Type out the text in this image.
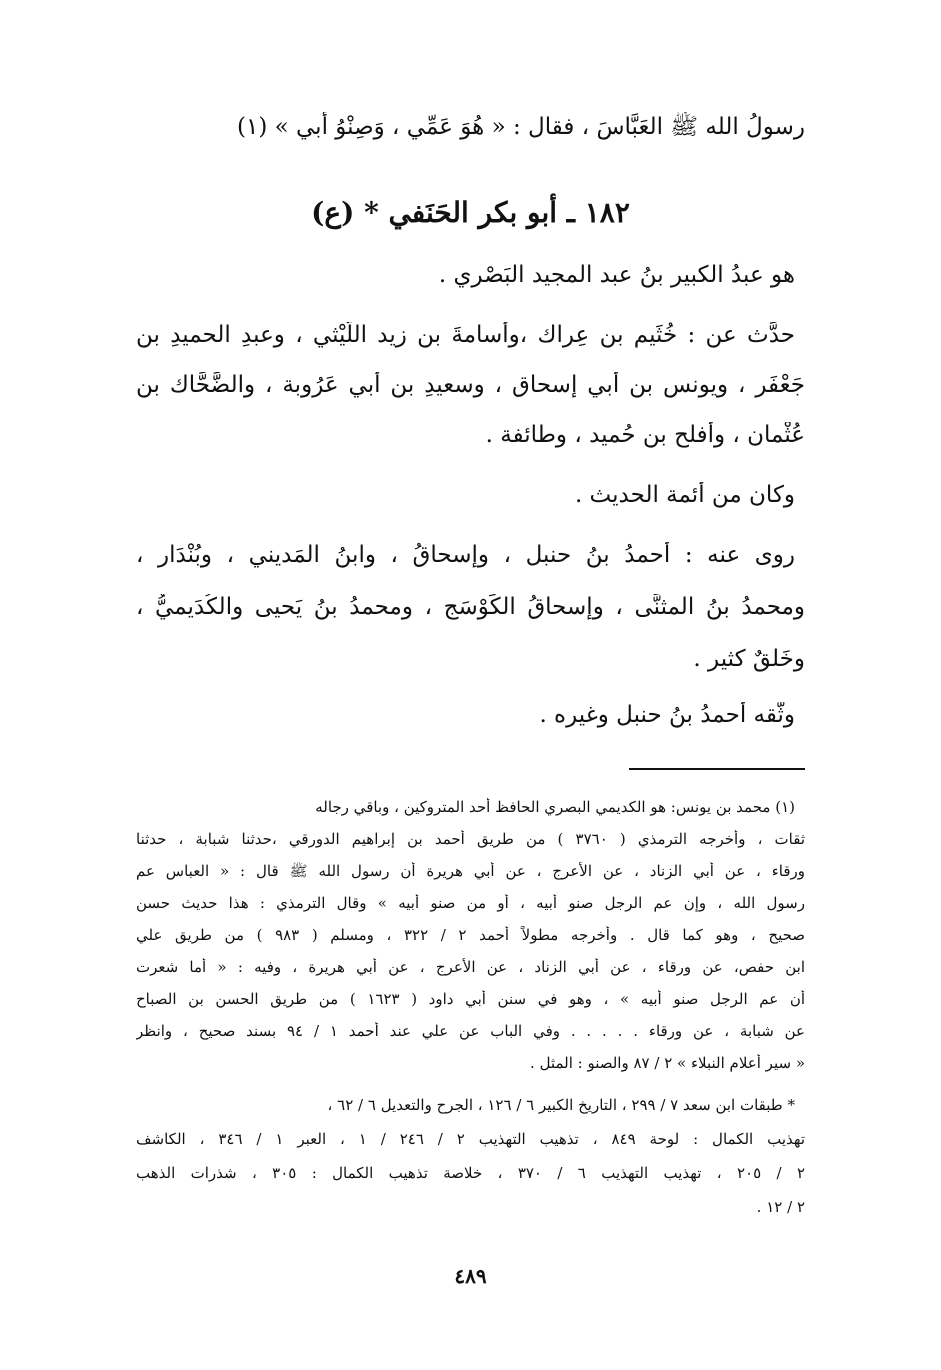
رسولُ الله ﷺ العَبَّاسَ ، فقال : « هُوَ عَمِّي ، وَصِنْوُ أبي » (١)
١٨٢ ـ أبو بكر الحَنَفي * (ع)
هو عبدُ الكبير بنُ عبد المجيد البَصْري .
حدَّث عن : خُثَيم بن عِراك ،وأُسامةَ بن زيد اللَّيْثي ، وعبدِ الحميدِ بنِ
جَعْفَر ، ويونس بنِ أبي إسحاق ، وسعيدِ بنِ أبي عَرُوبة ، والضَّحَّاك بنِ
عُثْمان ، وأفلح بنِ حُميد ، وطائفة .
وكان من أئمة الحديث .
روى عنه : أحمدُ بنُ حنبل ، وإسحاقُ ، وابنُ المَديني ، وبُنْدَار ،
ومحمدُ بنُ المثنَّى ، وإسحاقُ الكَوْسَج ، ومحمدُ بنُ يَحيى والكُدَيميُّ ،
وخَلقٌ كثير .
وثَّقه أحمدُ بنُ حنبل وغيره .
(١) محمد بن يونس: هو الكديمي البصري الحافظ أحد المتروكين ، وباقي رجاله
ثقات ، وأخرجه الترمذي ( ٣٧٦٠ ) من طريق أحمد بن إبراهيم الدورقي ،حدثنا شبابة ، حدثنا
ورقاء ، عن أبي الزناد ، عن الأعرج ، عن أبي هريرة أن رسول الله ﷺ قال : « العباس عم
رسول الله ، وإن عم الرجل صنو أبيه ، أو من صنو أبيه » وقال الترمذي : هذا حديث حسن
صحيح ، وهو كما قال . وأخرجه مطولاً أحمد ٢ / ٣٢٢ ، ومسلم ( ٩٨٣ ) من طريق علي
ابن حفص، عن ورقاء ، عن أبي الزناد ، عن الأعرج ، عن أبي هريرة ، وفيه : « أما شعرت
أن عم الرجل صنو أبيه » ، وهو في سنن أبي داود ( ١٦٢٣ ) من طريق الحسن بن الصباح
عن شبابة ، عن ورقاء . . . . . وفي الباب عن علي عند أحمد ١ / ٩٤ بسند صحيح ، وانظر
« سير أعلام النبلاء » ٢ / ٨٧ والصنو : المثل .
* طبقات ابن سعد ٧ / ٢٩٩ ، التاريخ الكبير ٦ / ١٢٦ ، الجرح والتعديل ٦ / ٦٢ ،
تهذيب الكمال : لوحة ٨٤٩ ، تذهيب التهذيب ٢ / ٢٤٦ / ١ ، العبر ١ / ٣٤٦ ، الكاشف
٢ / ٢٠٥ ، تهذيب التهذيب ٦ / ٣٧٠ ، خلاصة تذهيب الكمال : ٣٠٥ ، شذرات الذهب
٢ / ١٢ .
٤٨٩
